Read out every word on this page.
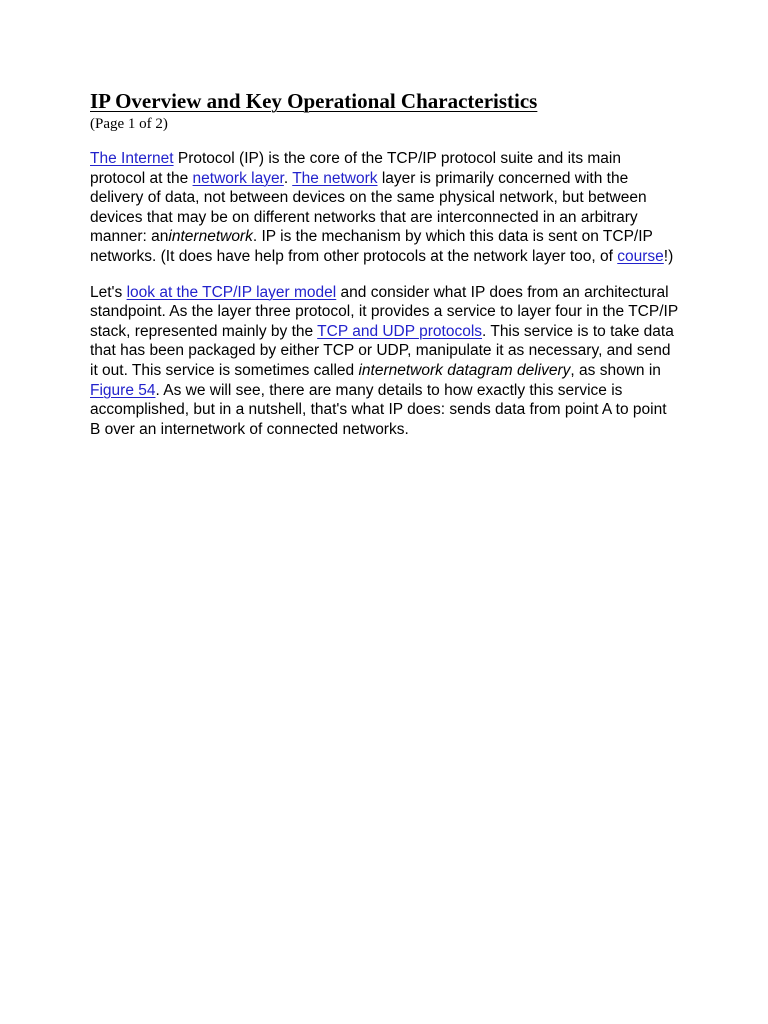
IP Overview and Key Operational Characteristics
(Page 1 of 2)

The Internet Protocol (IP) is the core of the TCP/IP protocol suite and its main protocol at the network layer. The network layer is primarily concerned with the delivery of data, not between devices on the same physical network, but between devices that may be on different networks that are interconnected in an arbitrary manner: aninternetwork. IP is the mechanism by which this data is sent on TCP/IP networks. (It does have help from other protocols at the network layer too, of course!)

Let's look at the TCP/IP layer model and consider what IP does from an architectural standpoint. As the layer three protocol, it provides a service to layer four in the TCP/IP stack, represented mainly by the TCP and UDP protocols. This service is to take data that has been packaged by either TCP or UDP, manipulate it as necessary, and send it out. This service is sometimes called internetwork datagram delivery, as shown in Figure 54. As we will see, there are many details to how exactly this service is accomplished, but in a nutshell, that's what IP does: sends data from point A to point B over an internetwork of connected networks.
